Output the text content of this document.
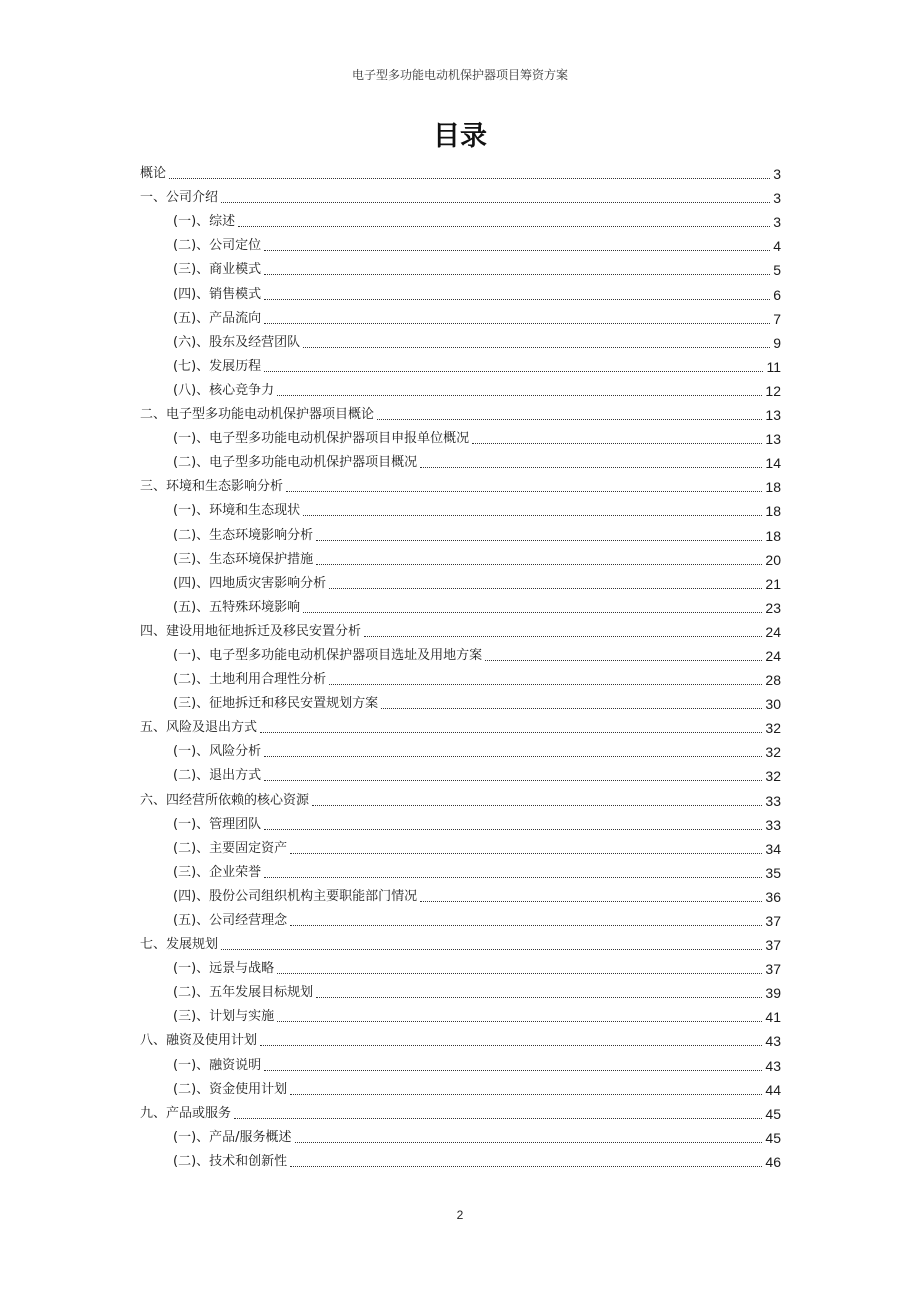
电子型多功能电动机保护器项目筹资方案
目录
概论	3
一、公司介绍	3
(一)、综述	3
(二)、公司定位	4
(三)、商业模式	5
(四)、销售模式	6
(五)、产品流向	7
(六)、股东及经营团队	9
(七)、发展历程	11
(八)、核心竞争力	12
二、电子型多功能电动机保护器项目概论	13
(一)、电子型多功能电动机保护器项目申报单位概况	13
(二)、电子型多功能电动机保护器项目概况	14
三、环境和生态影响分析	18
(一)、环境和生态现状	18
(二)、生态环境影响分析	18
(三)、生态环境保护措施	20
(四)、四地质灾害影响分析	21
(五)、五特殊环境影响	23
四、建设用地征地拆迁及移民安置分析	24
(一)、电子型多功能电动机保护器项目选址及用地方案	24
(二)、土地利用合理性分析	28
(三)、征地拆迁和移民安置规划方案	30
五、风险及退出方式	32
(一)、风险分析	32
(二)、退出方式	32
六、四经营所依赖的核心资源	33
(一)、管理团队	33
(二)、主要固定资产	34
(三)、企业荣誉	35
(四)、股份公司组织机构主要职能部门情况	36
(五)、公司经营理念	37
七、发展规划	37
(一)、远景与战略	37
(二)、五年发展目标规划	39
(三)、计划与实施	41
八、融资及使用计划	43
(一)、融资说明	43
(二)、资金使用计划	44
九、产品或服务	45
(一)、产品/服务概述	45
(二)、技术和创新性	46
2
